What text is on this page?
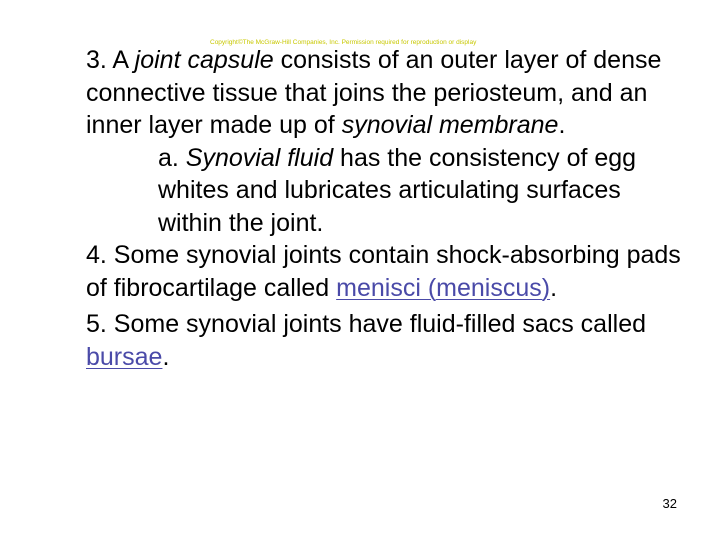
Copyright©The McGraw-Hill Companies, Inc. Permission required for reproduction or display

3. A joint capsule consists of an outer layer of dense connective tissue that joins the periosteum, and an inner layer made up of synovial membrane.

a. Synovial fluid has the consistency of egg whites and lubricates articulating surfaces within the joint.

4. Some synovial joints contain shock-absorbing pads of fibrocartilage called menisci (meniscus).

5. Some synovial joints have fluid-filled sacs called bursae.

32
